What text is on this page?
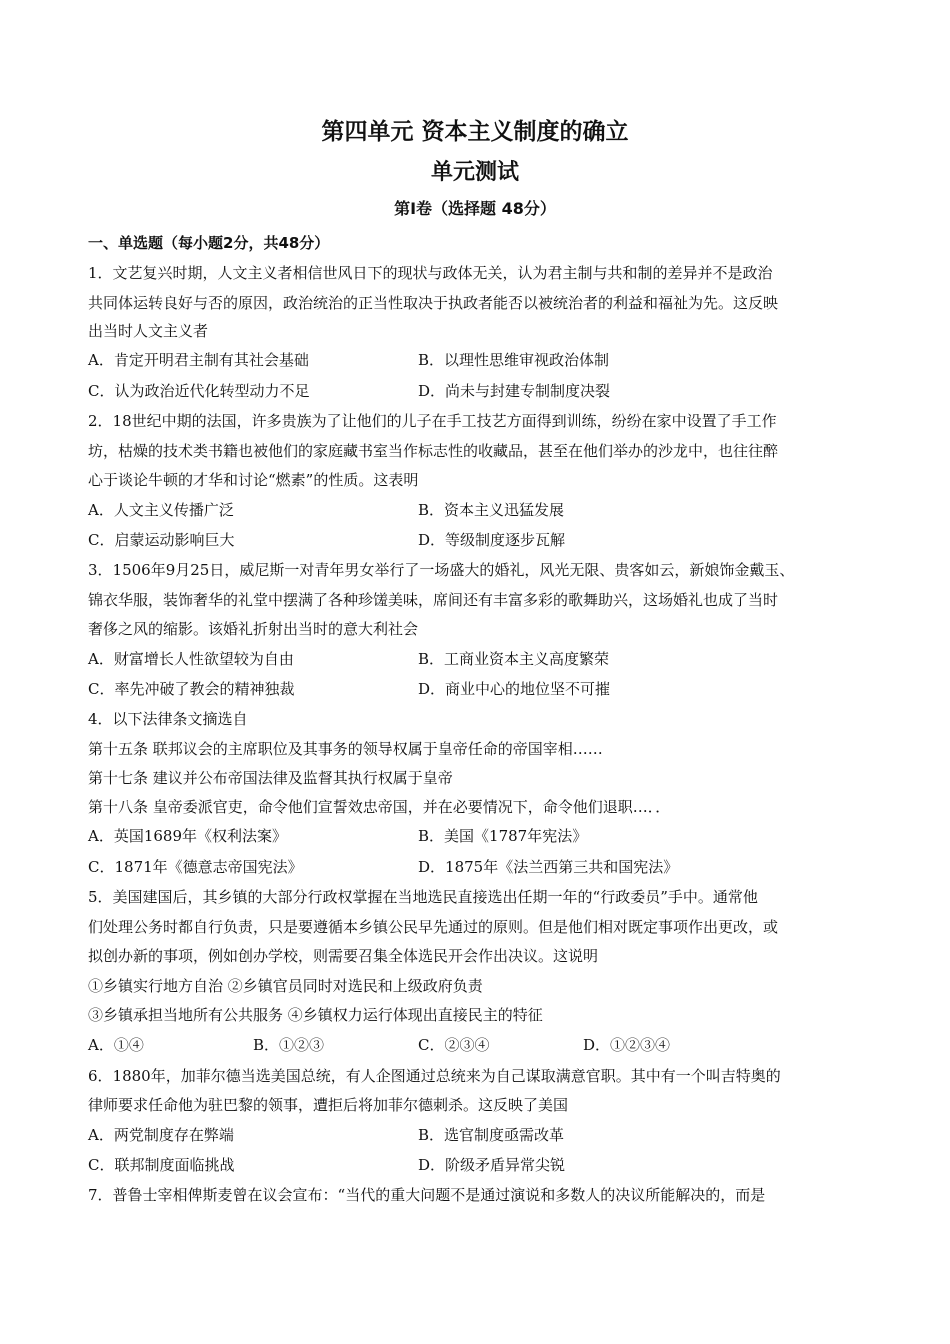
第四单元 资本主义制度的确立
单元测试
第Ⅰ卷（选择题 48分）
一、单选题（每小题2分，共48分）
1．文艺复兴时期，人文主义者相信世风日下的现状与政体无关，认为君主制与共和制的差异并不是政治
共同体运转良好与否的原因，政治统治的正当性取决于执政者能否以被统治者的利益和福祉为先。这反映
出当时人文主义者
A．肯定开明君主制有其社会基础	B．以理性思维审视政治体制
C．认为政治近代化转型动力不足	D．尚未与封建专制制度决裂
2．18世纪中期的法国，许多贵族为了让他们的儿子在手工技艺方面得到训练，纷纷在家中设置了手工作
坊，枯燥的技术类书籍也被他们的家庭藏书室当作标志性的收藏品，甚至在他们举办的沙龙中，也往往醉
心于谈论牛顿的才华和讨论“燃素”的性质。这表明
A．人文主义传播广泛	B．资本主义迅猛发展
C．启蒙运动影响巨大	D．等级制度逐步瓦解
3．1506年9月25日，威尼斯一对青年男女举行了一场盛大的婚礼，风光无限、贵客如云，新娘饰金戴玉、
锦衣华服，装饰奢华的礼堂中摆满了各种珍馐美味，席间还有丰富多彩的歌舞助兴，这场婚礼也成了当时
奢侈之风的缩影。该婚礼折射出当时的意大利社会
A．财富增长人性欲望较为自由	B．工商业资本主义高度繁荣
C．率先冲破了教会的精神独裁	D．商业中心的地位坚不可摧
4．以下法律条文摘选自
第十五条 联邦议会的主席职位及其事务的领导权属于皇帝任命的帝国宰相……
第十七条 建议并公布帝国法律及监督其执行权属于皇帝
第十八条 皇帝委派官吏，命令他们宣誓效忠帝国，并在必要情况下，命令他们退职…．．
A．英国1689年《权利法案》	B．美国《1787年宪法》
C．1871年《德意志帝国宪法》	D．1875年《法兰西第三共和国宪法》
5．美国建国后，其乡镇的大部分行政权掌握在当地选民直接选出任期一年的“行政委员”手中。通常他
们处理公务时都自行负责，只是要遵循本乡镇公民早先通过的原则。但是他们相对既定事项作出更改，或
拟创办新的事项，例如创办学校，则需要召集全体选民开会作出决议。这说明
①乡镇实行地方自治 ②乡镇官员同时对选民和上级政府负责
③乡镇承担当地所有公共服务 ④乡镇权力运行体现出直接民主的特征
A．①④	B．①②③	C．②③④	D．①②③④
6．1880年，加菲尔德当选美国总统，有人企图通过总统来为自己谋取满意官职。其中有一个叫吉特奥的
律师要求任命他为驻巴黎的领事，遭拒后将加菲尔德刺杀。这反映了美国
A．两党制度存在弊端	B．选官制度亟需改革
C．联邦制度面临挑战	D．阶级矛盾异常尖锐
7．普鲁士宰相俾斯麦曾在议会宣布：“当代的重大问题不是通过演说和多数人的决议所能解决的，而是
